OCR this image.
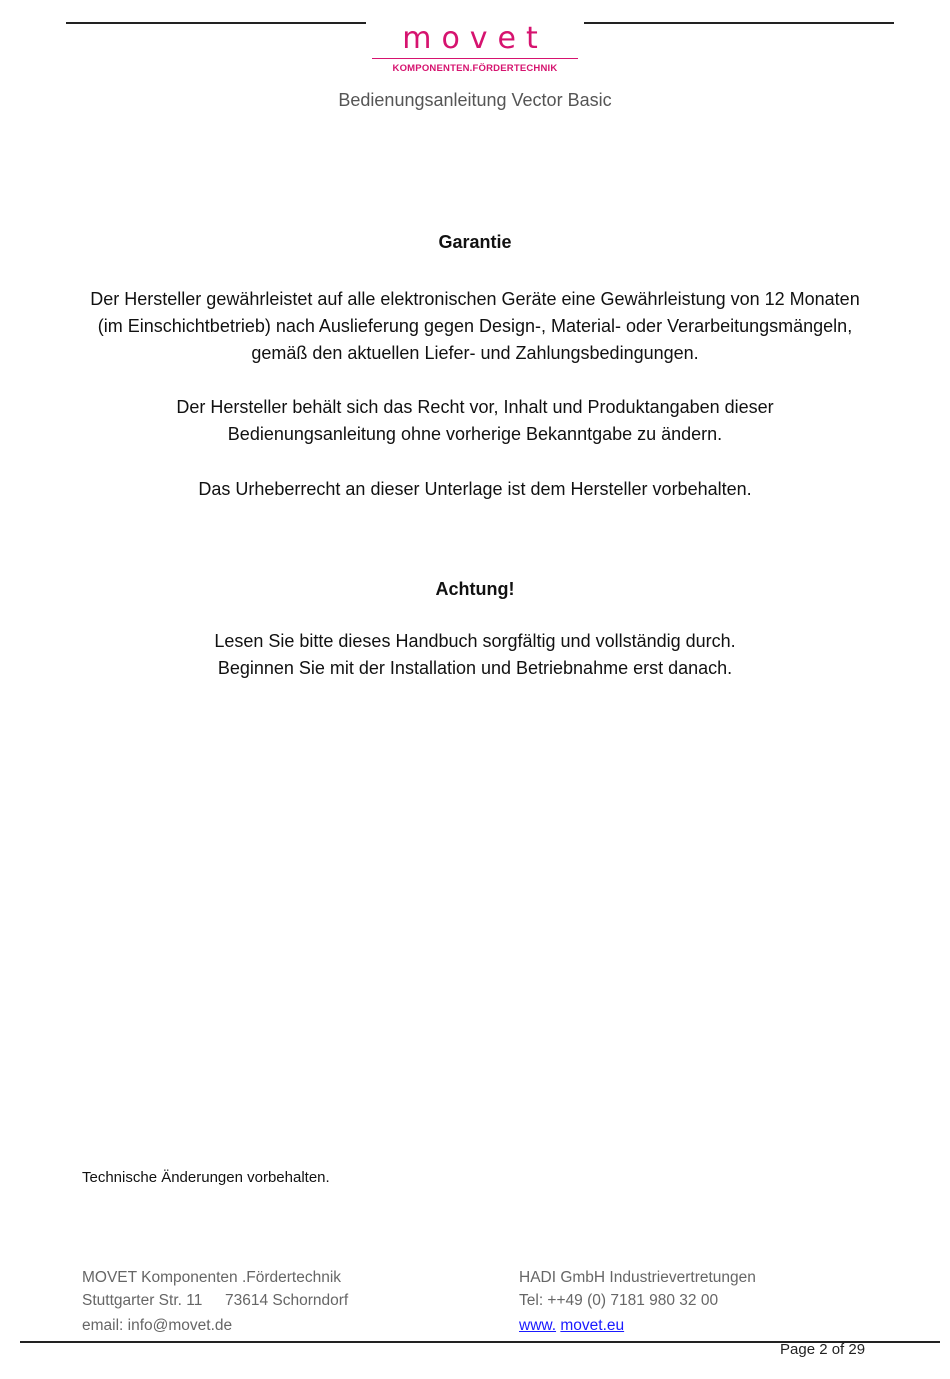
movet
KOMPONENTEN.FÖRDERTECHNIK
Bedienungsanleitung Vector Basic
Garantie
Der Hersteller gewährleistet auf alle elektronischen Geräte eine Gewährleistung von 12 Monaten
(im Einschichtbetrieb) nach Auslieferung gegen Design-, Material- oder Verarbeitungsmängeln,
gemäß den aktuellen Liefer- und Zahlungsbedingungen.
Der Hersteller behält sich das Recht vor, Inhalt und Produktangaben dieser
Bedienungsanleitung ohne vorherige Bekanntgabe zu ändern.
Das Urheberrecht an dieser Unterlage ist dem Hersteller vorbehalten.
Achtung!
Lesen Sie bitte dieses Handbuch sorgfältig und vollständig durch.
Beginnen Sie mit der Installation und Betriebnahme erst danach.
Technische Änderungen vorbehalten.
MOVET Komponenten .Fördertechnik
Stuttgarter Str. 11 73614 Schorndorf
email: info@movet.de
HADI GmbH Industrievertretungen
Tel: ++49 (0) 7181 980 32 00
www. movet.eu
Page 2 of 29
